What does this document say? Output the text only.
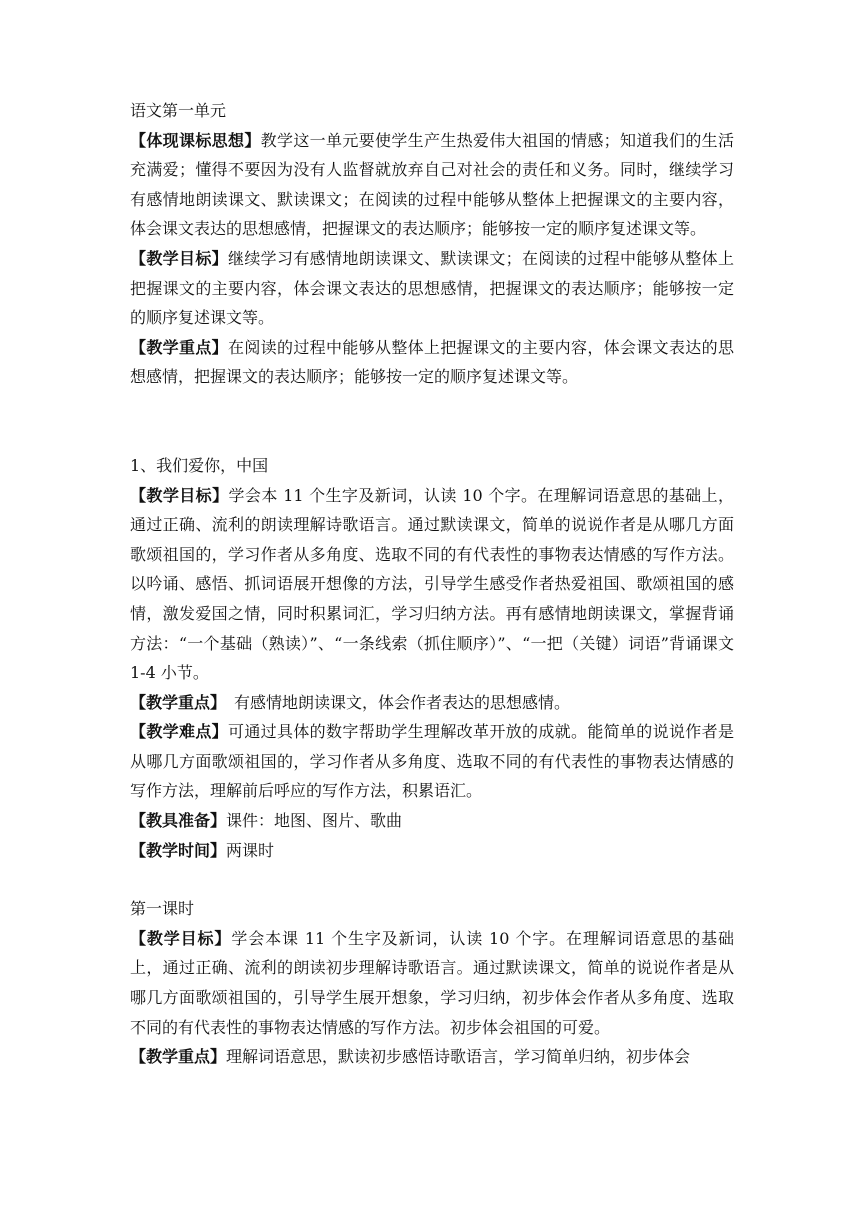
语文第一单元

【体现课标思想】教学这一单元要使学生产生热爱伟大祖国的情感；知道我们的生活充满爱；懂得不要因为没有人监督就放弃自己对社会的责任和义务。同时，继续学习有感情地朗读课文、默读课文；在阅读的过程中能够从整体上把握课文的主要内容，体会课文表达的思想感情，把握课文的表达顺序；能够按一定的顺序复述课文等。

【教学目标】继续学习有感情地朗读课文、默读课文；在阅读的过程中能够从整体上把握课文的主要内容，体会课文表达的思想感情，把握课文的表达顺序；能够按一定的顺序复述课文等。

【教学重点】在阅读的过程中能够从整体上把握课文的主要内容，体会课文表达的思想感情，把握课文的表达顺序；能够按一定的顺序复述课文等。

1、我们爱你，中国

【教学目标】学会本 11 个生字及新词，认读 10 个字。在理解词语意思的基础上，通过正确、流利的朗读理解诗歌语言。通过默读课文，简单的说说作者是从哪几方面歌颂祖国的，学习作者从多角度、选取不同的有代表性的事物表达情感的写作方法。以吟诵、感悟、抓词语展开想像的方法，引导学生感受作者热爱祖国、歌颂祖国的感情，激发爱国之情，同时积累词汇，学习归纳方法。再有感情地朗读课文，掌握背诵方法：“一个基础（熟读）”、“一条线索（抓住顺序）”、“一把（关键）词语”背诵课文 1-4 小节。

【教学重点】 有感情地朗读课文，体会作者表达的思想感情。

【教学难点】可通过具体的数字帮助学生理解改革开放的成就。能简单的说说作者是从哪几方面歌颂祖国的，学习作者从多角度、选取不同的有代表性的事物表达情感的写作方法，理解前后呼应的写作方法，积累语汇。

【教具准备】课件：地图、图片、歌曲

【教学时间】两课时

第一课时

【教学目标】学会本课 11 个生字及新词，认读 10 个字。在理解词语意思的基础上，通过正确、流利的朗读初步理解诗歌语言。通过默读课文，简单的说说作者是从哪几方面歌颂祖国的，引导学生展开想象，学习归纳，初步体会作者从多角度、选取不同的有代表性的事物表达情感的写作方法。初步体会祖国的可爱。

【教学重点】理解词语意思，默读初步感悟诗歌语言，学习简单归纳，初步体会
